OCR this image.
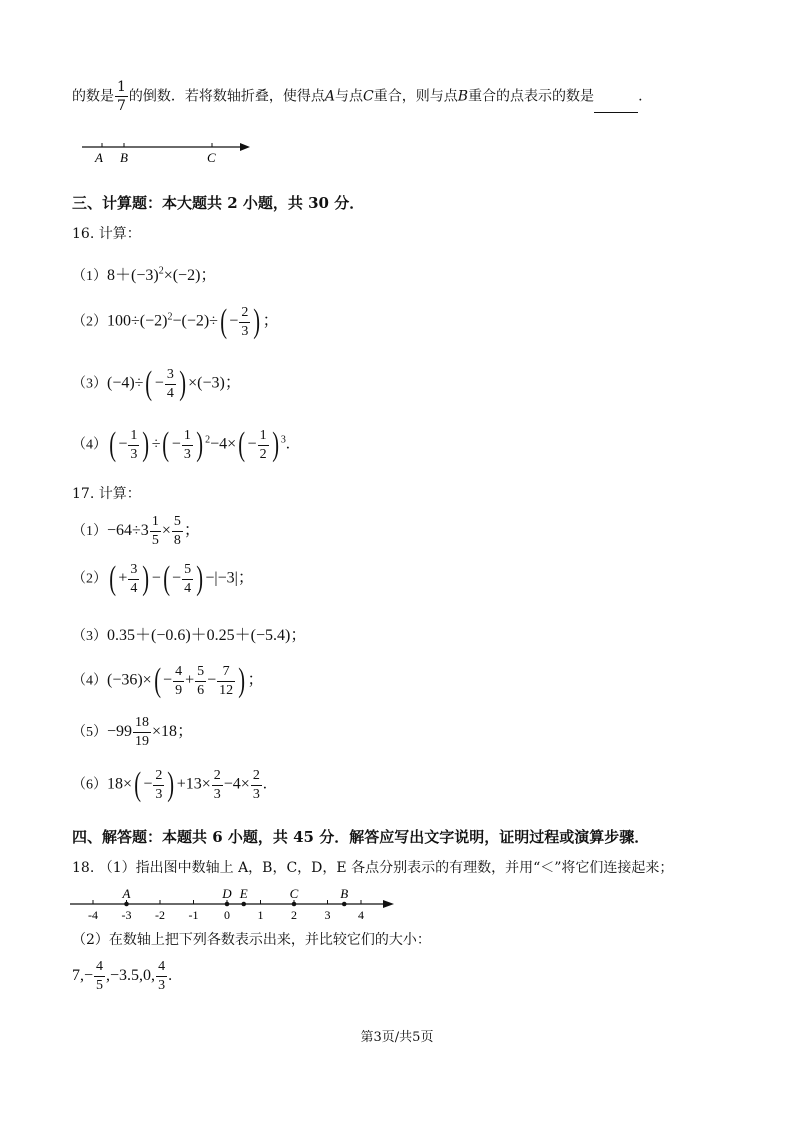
的数是 $\frac{1}{7}$ 的倒数．若将数轴折叠，使得点A与点C重合，则与点B重合的点表示的数是	.
A B	C
三、计算题：本大题共 2 小题，共 30 分．
16. 计算：
$(1)8+(-3)^2\times(-2)$；
$(2)100\div(-2)^2-(-2)\div( - \frac{2}{3}$ ) ；
$(3)(-4)\div( - \frac{3}{4}$ ) ×(−3)；
$(4)( - \frac{1}{3}$ ) ÷( − $\frac{1}{3}$ ) $^2-4\times( - \frac{1}{2}$ ) $^3$.
17. 计算：
$(1)-64\div 3 \frac{1}{5} \times \frac{5}{8}$ ；
$(2)( + \frac{3}{4}$ ) −( − $\frac{5}{4}$ ) −|−3|；
（3）0.35＋(−0.6)＋0.25＋(−5.4)；
$(4)(-36)\times( - \frac{4}{9} + \frac{5}{6} - \frac{7}{12}$ ) ；
$(5)-99 \frac{18}{19} \times 18$；
$(6)18\times( - \frac{2}{3}$ ) $+13\times \frac{2}{3} -4\times \frac{2}{3}$ .
四、解答题：本题共 6 小题，共 45 分．解答应写出文字说明，证明过程或演算步骤．
18. （1）指出图中数轴上 A，B，C，D，E 各点分别表示的有理数，并用“＜”将它们连接起来；
-4 -3 -2 -1 0 1 2 3 4
A	D E	C	B
（2）在数轴上把下列各数表示出来，并比较它们的大小：
$7,- \frac{4}{5} ,-3.5,0$, $\frac{4}{3}$ .
第3页/共5页
